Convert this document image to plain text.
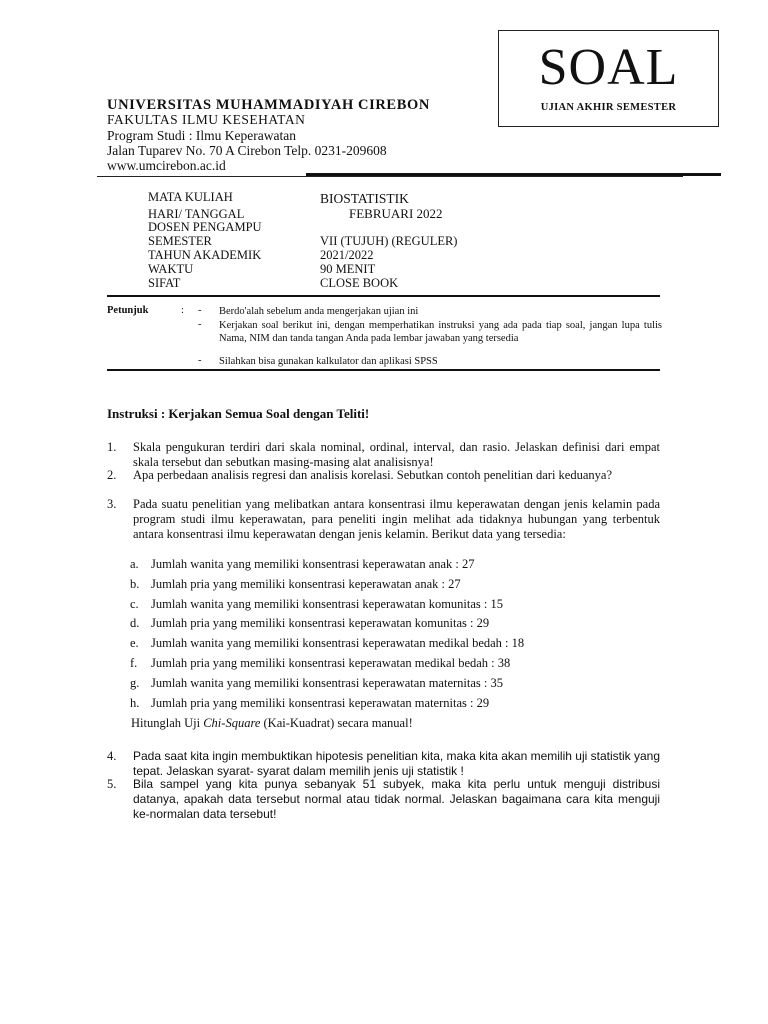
SOAL
UJIAN AKHIR SEMESTER
UNIVERSITAS MUHAMMADIYAH CIREBON
FAKULTAS ILMU KESEHATAN
Program Studi : Ilmu Keperawatan
Jalan Tuparev No. 70 A Cirebon Telp. 0231-209608
www.umcirebon.ac.id
MATA KULIAH	BIOSTATISTIK
HARI/ TANGGAL	FEBRUARI 2022
DOSEN PENGAMPU
SEMESTER	VII (TUJUH) (REGULER)
TAHUN AKADEMIK	2021/2022
WAKTU	90 MENIT
SIFAT	CLOSE BOOK
Petunjuk	: - Berdo'alah sebelum anda mengerjakan ujian ini
- Kerjakan soal berikut ini, dengan memperhatikan instruksi yang ada pada tiap soal, jangan lupa tulis Nama, NIM dan tanda tangan Anda pada lembar jawaban yang tersedia
- Silahkan bisa gunakan kalkulator dan aplikasi SPSS
Instruksi : Kerjakan Semua Soal dengan Teliti!
1. Skala pengukuran terdiri dari skala nominal, ordinal, interval, dan rasio. Jelaskan definisi dari empat skala tersebut dan sebutkan masing-masing alat analisisnya!
2. Apa perbedaan analisis regresi dan analisis korelasi. Sebutkan contoh penelitian dari keduanya?
3. Pada suatu penelitian yang melibatkan antara konsentrasi ilmu keperawatan dengan jenis kelamin pada program studi ilmu keperawatan, para peneliti ingin melihat ada tidaknya hubungan yang terbentuk antara konsentrasi ilmu keperawatan dengan jenis kelamin. Berikut data yang tersedia:
a. Jumlah wanita yang memiliki konsentrasi keperawatan anak : 27
b. Jumlah pria yang memiliki konsentrasi keperawatan anak : 27
c. Jumlah wanita yang memiliki konsentrasi keperawatan komunitas : 15
d. Jumlah pria yang memiliki konsentrasi keperawatan komunitas : 29
e. Jumlah wanita yang memiliki konsentrasi keperawatan medikal bedah : 18
f. Jumlah pria yang memiliki konsentrasi keperawatan medikal bedah : 38
g. Jumlah wanita yang memiliki konsentrasi keperawatan maternitas : 35
h. Jumlah pria yang memiliki konsentrasi keperawatan maternitas : 29
Hitunglah Uji Chi-Square (Kai-Kuadrat) secara manual!
4. Pada saat kita ingin membuktikan hipotesis penelitian kita, maka kita akan memilih uji statistik yang tepat. Jelaskan syarat- syarat dalam memilih jenis uji statistik !
5. Bila sampel yang kita punya sebanyak 51 subyek, maka kita perlu untuk menguji distribusi datanya, apakah data tersebut normal atau tidak normal. Jelaskan bagaimana cara kita menguji ke-normalan data tersebut!
